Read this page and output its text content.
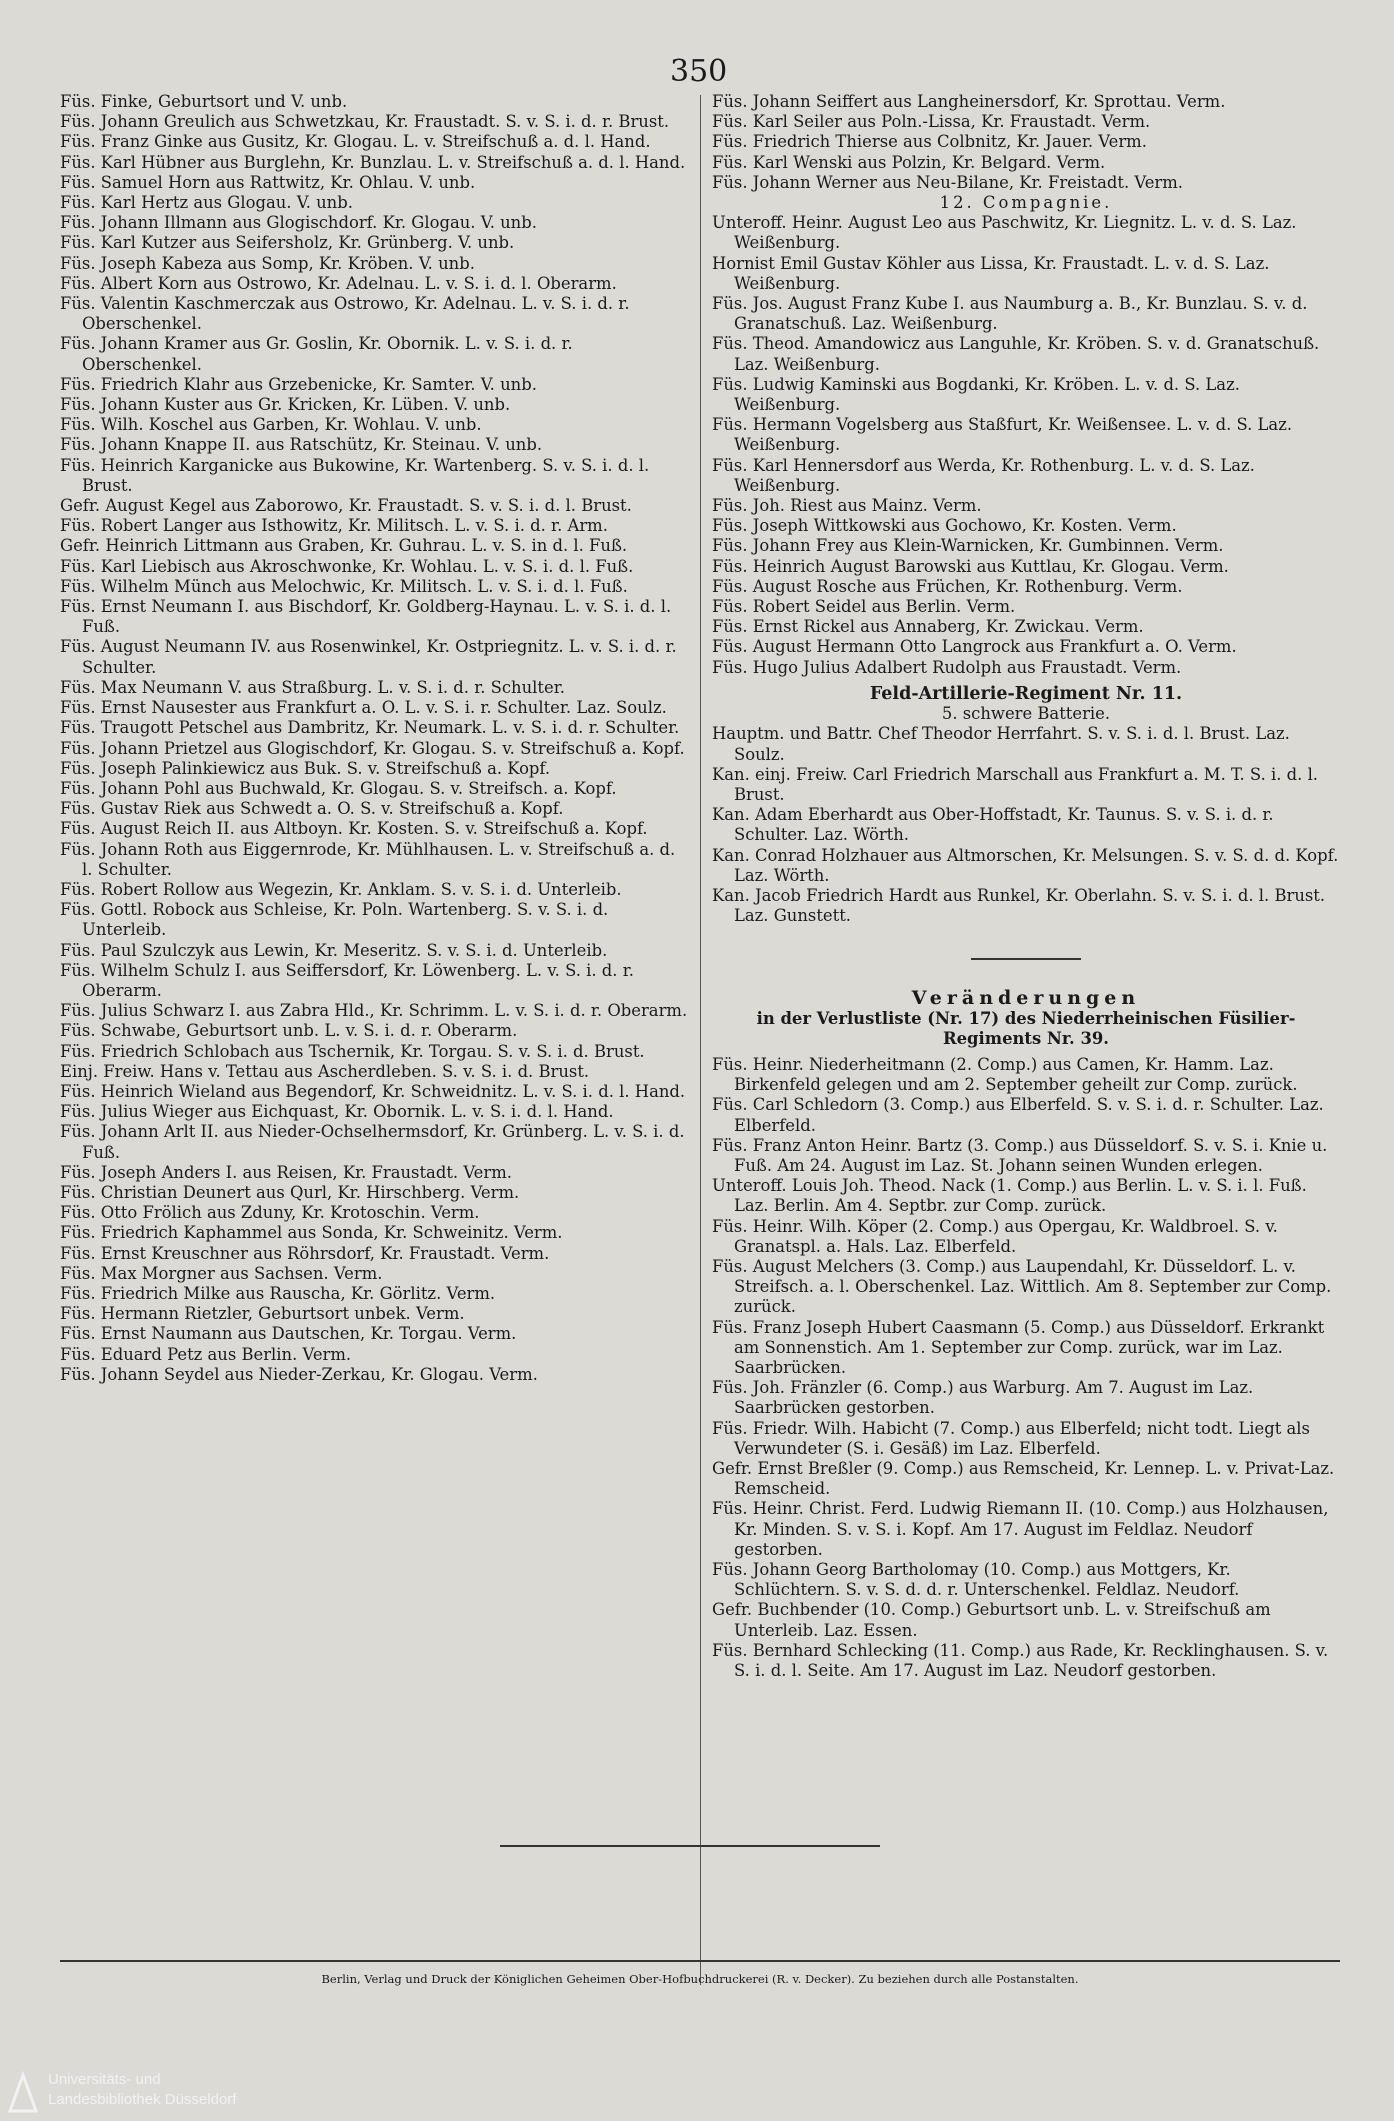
350

Füs. Finke, Geburtsort und V. unb.

Füs. Johann Greulich aus Schwetzkau, Kr. Fraustadt. S. v. S. i. d. r. Brust.

Füs. Franz Ginke aus Gusitz, Kr. Glogau. L. v. Streifschuß a. d. l. Hand.

Füs. Karl Hübner aus Burglehn, Kr. Bunzlau. L. v. Streifschuß a. d. l. Hand.

Füs. Samuel Horn aus Rattwitz, Kr. Ohlau. V. unb.

Füs. Karl Hertz aus Glogau. V. unb.

Füs. Johann Illmann aus Glogischdorf. Kr. Glogau. V. unb.

Füs. Karl Kutzer aus Seifersholz, Kr. Grünberg. V. unb.

Füs. Joseph Kabeza aus Somp, Kr. Kröben. V. unb.

Füs. Albert Korn aus Ostrowo, Kr. Adelnau. L. v. S. i. d. l. Oberarm.

Füs. Valentin Kaschmerczak aus Ostrowo, Kr. Adelnau. L. v. S. i. d. r. Oberschenkel.

Füs. Johann Kramer aus Gr. Goslin, Kr. Obornik. L. v. S. i. d. r. Oberschenkel.

Füs. Friedrich Klahr aus Grzebenicke, Kr. Samter. V. unb.

Füs. Johann Kuster aus Gr. Kricken, Kr. Lüben. V. unb.

Füs. Wilh. Koschel aus Garben, Kr. Wohlau. V. unb.

Füs. Johann Knappe II. aus Ratschütz, Kr. Steinau. V. unb.

Füs. Heinrich Karganicke aus Bukowine, Kr. Wartenberg. S. v. S. i. d. l. Brust.

Gefr. August Kegel aus Zaborowo, Kr. Fraustadt. S. v. S. i. d. l. Brust.

Füs. Robert Langer aus Isthowitz, Kr. Militsch. L. v. S. i. d. r. Arm.

Gefr. Heinrich Littmann aus Graben, Kr. Guhrau. L. v. S. in d. l. Fuß.

Füs. Karl Liebisch aus Akroschwonke, Kr. Wohlau. L. v. S. i. d. l. Fuß.

Füs. Wilhelm Münch aus Melochwic, Kr. Militsch. L. v. S. i. d. l. Fuß.

Füs. Ernst Neumann I. aus Bischdorf, Kr. Goldberg-Haynau. L. v. S. i. d. l. Fuß.

Füs. August Neumann IV. aus Rosenwinkel, Kr. Ostpriegnitz. L. v. S. i. d. r. Schulter.

Füs. Max Neumann V. aus Straßburg. L. v. S. i. d. r. Schulter.

Füs. Ernst Nausester aus Frankfurt a. O. L. v. S. i. r. Schulter. Laz. Soulz.

Füs. Traugott Petschel aus Dambritz, Kr. Neumark. L. v. S. i. d. r. Schulter.

Füs. Johann Prietzel aus Glogischdorf, Kr. Glogau. S. v. Streifschuß a. Kopf.

Füs. Joseph Palinkiewicz aus Buk. S. v. Streifschuß a. Kopf.

Füs. Johann Pohl aus Buchwald, Kr. Glogau. S. v. Streifsch. a. Kopf.

Füs. Gustav Riek aus Schwedt a. O. S. v. Streifschuß a. Kopf.

Füs. August Reich II. aus Altboyn. Kr. Kosten. S. v. Streifschuß a. Kopf.

Füs. Johann Roth aus Eiggernrode, Kr. Mühlhausen. L. v. Streifschuß a. d. l. Schulter.

Füs. Robert Rollow aus Wegezin, Kr. Anklam. S. v. S. i. d. Unterleib.

Füs. Gottl. Robock aus Schleise, Kr. Poln. Wartenberg. S. v. S. i. d. Unterleib.

Füs. Paul Szulczyk aus Lewin, Kr. Meseritz. S. v. S. i. d. Unterleib.

Füs. Wilhelm Schulz I. aus Seiffersdorf, Kr. Löwenberg. L. v. S. i. d. r. Oberarm.

Füs. Julius Schwarz I. aus Zabra Hld., Kr. Schrimm. L. v. S. i. d. r. Oberarm.

Füs. Schwabe, Geburtsort unb. L. v. S. i. d. r. Oberarm.

Füs. Friedrich Schlobach aus Tschernik, Kr. Torgau. S. v. S. i. d. Brust.

Einj. Freiw. Hans v. Tettau aus Ascherdleben. S. v. S. i. d. Brust.

Füs. Heinrich Wieland aus Begendorf, Kr. Schweidnitz. L. v. S. i. d. l. Hand.

Füs. Julius Wieger aus Eichquast, Kr. Obornik. L. v. S. i. d. l. Hand.

Füs. Johann Arlt II. aus Nieder-Ochselhermsdorf, Kr. Grünberg. L. v. S. i. d. Fuß.

Füs. Joseph Anders I. aus Reisen, Kr. Fraustadt. Verm.

Füs. Christian Deunert aus Qurl, Kr. Hirschberg. Verm.

Füs. Otto Frölich aus Zduny, Kr. Krotoschin. Verm.

Füs. Friedrich Kaphammel aus Sonda, Kr. Schweinitz. Verm.

Füs. Ernst Kreuschner aus Röhrsdorf, Kr. Fraustadt. Verm.

Füs. Max Morgner aus Sachsen. Verm.

Füs. Friedrich Milke aus Rauscha, Kr. Görlitz. Verm.

Füs. Hermann Rietzler, Geburtsort unbek. Verm.

Füs. Ernst Naumann aus Dautschen, Kr. Torgau. Verm.

Füs. Eduard Petz aus Berlin. Verm.

Füs. Johann Seydel aus Nieder-Zerkau, Kr. Glogau. Verm.

Füs. Johann Seiffert aus Langheinersdorf, Kr. Sprottau. Verm.

Füs. Karl Seiler aus Poln.-Lissa, Kr. Fraustadt. Verm.

Füs. Friedrich Thierse aus Colbnitz, Kr. Jauer. Verm.

Füs. Karl Wenski aus Polzin, Kr. Belgard. Verm.

Füs. Johann Werner aus Neu-Bilane, Kr. Freistadt. Verm.

12. Compagnie.

Unteroff. Heinr. August Leo aus Paschwitz, Kr. Liegnitz. L. v. d. S. Laz. Weißenburg.

Hornist Emil Gustav Köhler aus Lissa, Kr. Fraustadt. L. v. d. S. Laz. Weißenburg.

Füs. Jos. August Franz Kube I. aus Naumburg a. B., Kr. Bunzlau. S. v. d. Granatschuß. Laz. Weißenburg.

Füs. Theod. Amandowicz aus Languhle, Kr. Kröben. S. v. d. Granatschuß. Laz. Weißenburg.

Füs. Ludwig Kaminski aus Bogdanki, Kr. Kröben. L. v. d. S. Laz. Weißenburg.

Füs. Hermann Vogelsberg aus Staßfurt, Kr. Weißensee. L. v. d. S. Laz. Weißenburg.

Füs. Karl Hennersdorf aus Werda, Kr. Rothenburg. L. v. d. S. Laz. Weißenburg.

Füs. Joh. Riest aus Mainz. Verm.

Füs. Joseph Wittkowski aus Gochowo, Kr. Kosten. Verm.

Füs. Johann Frey aus Klein-Warnicken, Kr. Gumbinnen. Verm.

Füs. Heinrich August Barowski aus Kuttlau, Kr. Glogau. Verm.

Füs. August Rosche aus Früchen, Kr. Rothenburg. Verm.

Füs. Robert Seidel aus Berlin. Verm.

Füs. Ernst Rickel aus Annaberg, Kr. Zwickau. Verm.

Füs. August Hermann Otto Langrock aus Frankfurt a. O. Verm.

Füs. Hugo Julius Adalbert Rudolph aus Fraustadt. Verm.

Feld-Artillerie-Regiment Nr. 11.

5. schwere Batterie.

Hauptm. und Battr. Chef Theodor Herrfahrt. S. v. S. i. d. l. Brust. Laz. Soulz.

Kan. einj. Freiw. Carl Friedrich Marschall aus Frankfurt a. M. T. S. i. d. l. Brust.

Kan. Adam Eberhardt aus Ober-Hoffstadt, Kr. Taunus. S. v. S. i. d. r. Schulter. Laz. Wörth.

Kan. Conrad Holzhauer aus Altmorschen, Kr. Melsungen. S. v. S. d. d. Kopf. Laz. Wörth.

Kan. Jacob Friedrich Hardt aus Runkel, Kr. Oberlahn. S. v. S. i. d. l. Brust. Laz. Gunstett.

Veränderungen

in der Verlustliste (Nr. 17) des Niederrheinischen Füsilier-Regiments Nr. 39.

Füs. Heinr. Niederheitmann (2. Comp.) aus Camen, Kr. Hamm. Laz. Birkenfeld gelegen und am 2. September geheilt zur Comp. zurück.

Füs. Carl Schledorn (3. Comp.) aus Elberfeld. S. v. S. i. d. r. Schulter. Laz. Elberfeld.

Füs. Franz Anton Heinr. Bartz (3. Comp.) aus Düsseldorf. S. v. S. i. Knie u. Fuß. Am 24. August im Laz. St. Johann seinen Wunden erlegen.

Unteroff. Louis Joh. Theod. Nack (1. Comp.) aus Berlin. L. v. S. i. l. Fuß. Laz. Berlin. Am 4. Septbr. zur Comp. zurück.

Füs. Heinr. Wilh. Köper (2. Comp.) aus Opergau, Kr. Waldbroel. S. v. Granatspl. a. Hals. Laz. Elberfeld.

Füs. August Melchers (3. Comp.) aus Laupendahl, Kr. Düsseldorf. L. v. Streifsch. a. l. Oberschenkel. Laz. Wittlich. Am 8. September zur Comp. zurück.

Füs. Franz Joseph Hubert Caasmann (5. Comp.) aus Düsseldorf. Erkrankt am Sonnenstich. Am 1. September zur Comp. zurück, war im Laz. Saarbrücken.

Füs. Joh. Fränzler (6. Comp.) aus Warburg. Am 7. August im Laz. Saarbrücken gestorben.

Füs. Friedr. Wilh. Habicht (7. Comp.) aus Elberfeld; nicht todt. Liegt als Verwundeter (S. i. Gesäß) im Laz. Elberfeld.

Gefr. Ernst Breßler (9. Comp.) aus Remscheid, Kr. Lennep. L. v. Privat-Laz. Remscheid.

Füs. Heinr. Christ. Ferd. Ludwig Riemann II. (10. Comp.) aus Holzhausen, Kr. Minden. S. v. S. i. Kopf. Am 17. August im Feldlaz. Neudorf gestorben.

Füs. Johann Georg Bartholomay (10. Comp.) aus Mottgers, Kr. Schlüchtern. S. v. S. d. d. r. Unterschenkel. Feldlaz. Neudorf.

Gefr. Buchbender (10. Comp.) Geburtsort unb. L. v. Streifschuß am Unterleib. Laz. Essen.

Füs. Bernhard Schlecking (11. Comp.) aus Rade, Kr. Recklinghausen. S. v. S. i. d. l. Seite. Am 17. August im Laz. Neudorf gestorben.

Berlin, Verlag und Druck der Königlichen Geheimen Ober-Hofbuchdruckerei (R. v. Decker). Zu beziehen durch alle Postanstalten.
Universitäts- und
Landesbibliothek Düsseldorf
